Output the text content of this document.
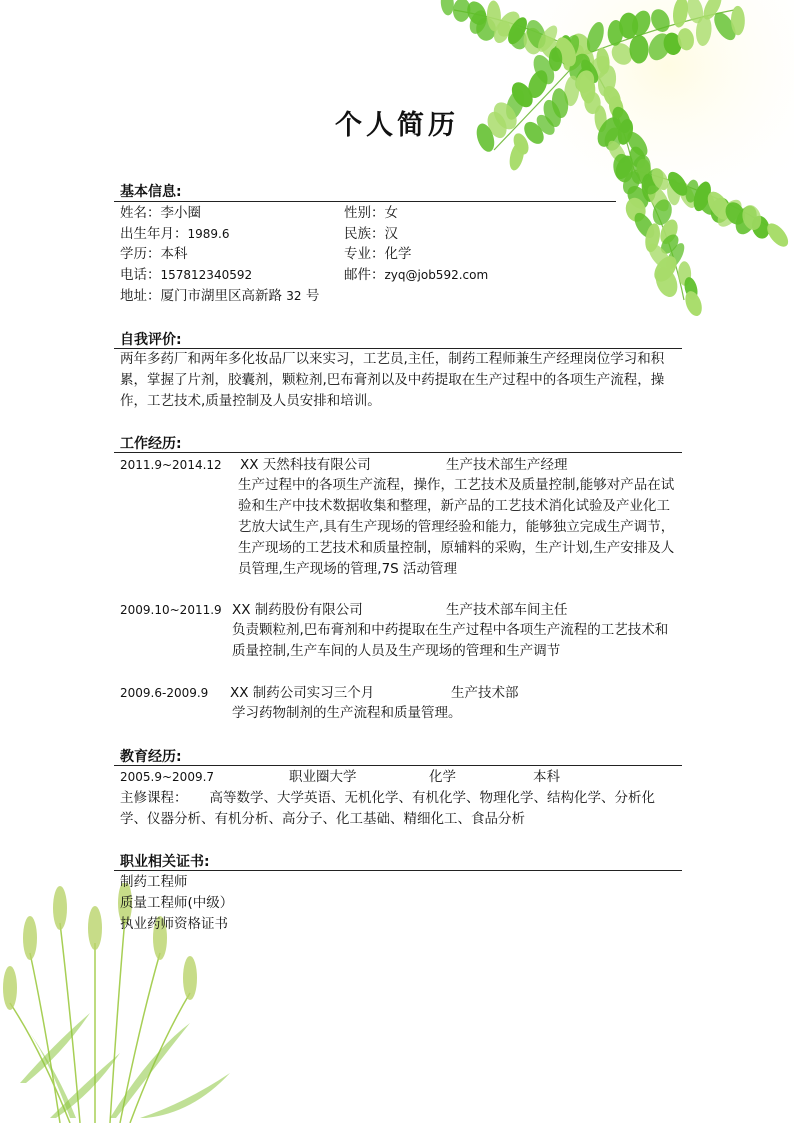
个人简历
基本信息:
姓名：李小圈	性别：女
出生年月：1989.6	民族：汉
学历：本科	专业：化学
电话：157812340592	邮件：zyq@job592.com
地址：厦门市湖里区高新路 32 号
自我评价:
两年多药厂和两年多化妆品厂以来实习，工艺员,主任，制药工程师兼生产经理岗位学习和积累，掌握了片剂，胶囊剂，颗粒剂,巴布膏剂以及中药提取在生产过程中的各项生产流程，操作，工艺技术,质量控制及人员安排和培训。
工作经历:
2011.9~2014.12 XX 天然科技有限公司	生产技术部生产经理
生产过程中的各项生产流程，操作，工艺技术及质量控制,能够对产品在试验和生产中技术数据收集和整理，新产品的工艺技术消化试验及产业化工艺放大试生产,具有生产现场的管理经验和能力，能够独立完成生产调节，生产现场的工艺技术和质量控制，原辅料的采购，生产计划,生产安排及人员管理,生产现场的管理,7S 活动管理
2009.10~2011.9 XX 制药股份有限公司	生产技术部车间主任
负责颗粒剂,巴布膏剂和中药提取在生产过程中各项生产流程的工艺技术和质量控制,生产车间的人员及生产现场的管理和生产调节
2009.6-2009.9 XX 制药公司实习三个月	生产技术部
学习药物制剂的生产流程和质量管理。
教育经历:
2005.9~2009.7	职业圈大学	化学	本科
主修课程： 高等数学、大学英语、无机化学、有机化学、物理化学、结构化学、分析化学、仪器分析、有机分析、高分子、化工基础、精细化工、食品分析
职业相关证书:
制药工程师
质量工程师(中级）
执业药师资格证书
